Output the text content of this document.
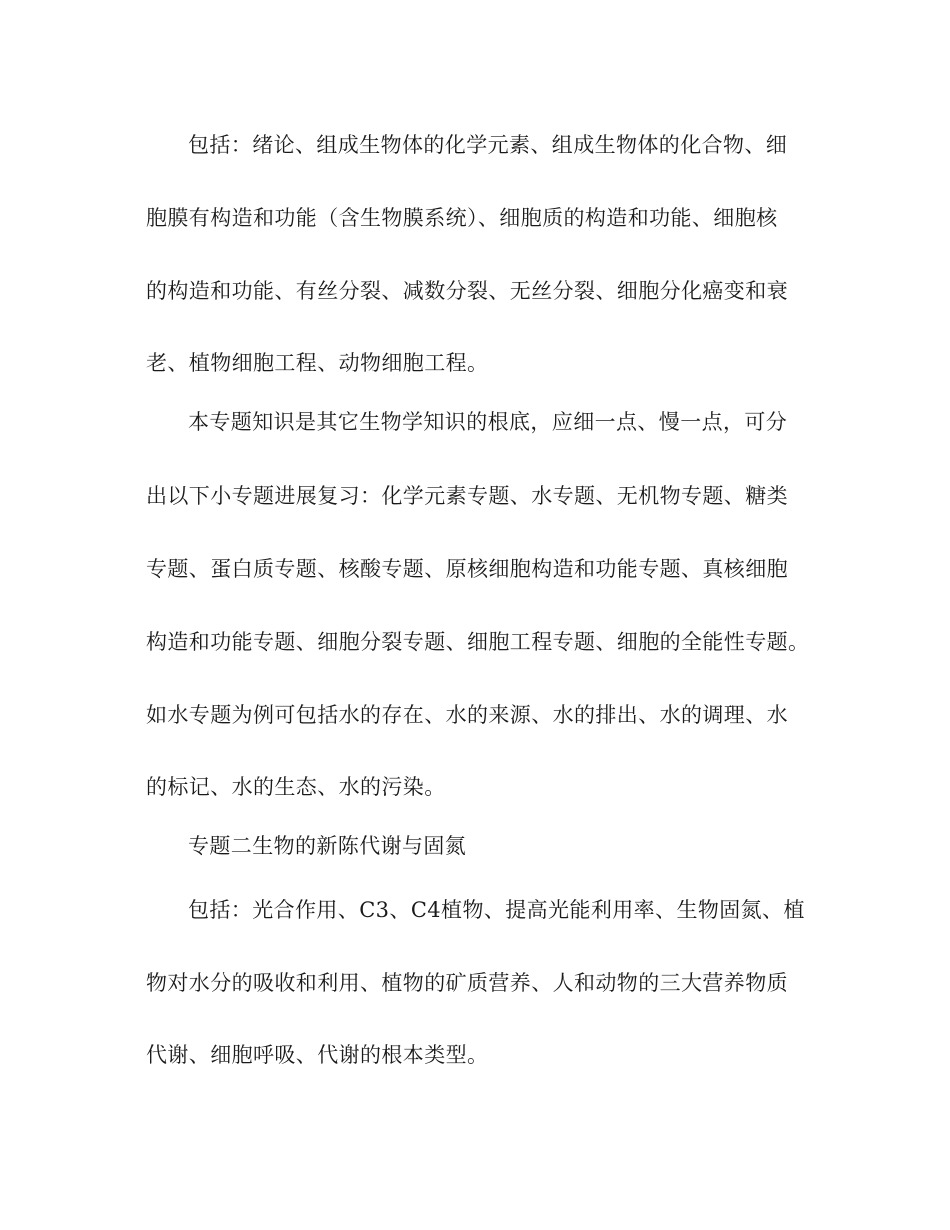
包括：绪论、组成生物体的化学元素、组成生物体的化合物、细

胞膜有构造和功能（含生物膜系统）、细胞质的构造和功能、细胞核

的构造和功能、有丝分裂、减数分裂、无丝分裂、细胞分化癌变和衰

老、植物细胞工程、动物细胞工程。

本专题知识是其它生物学知识的根底，应细一点、慢一点，可分

出以下小专题进展复习：化学元素专题、水专题、无机物专题、糖类

专题、蛋白质专题、核酸专题、原核细胞构造和功能专题、真核细胞

构造和功能专题、细胞分裂专题、细胞工程专题、细胞的全能性专题。

如水专题为例可包括水的存在、水的来源、水的排出、水的调理、水

的标记、水的生态、水的污染。

专题二生物的新陈代谢与固氮

包括：光合作用、C3、C4植物、提高光能利用率、生物固氮、植

物对水分的吸收和利用、植物的矿质营养、人和动物的三大营养物质

代谢、细胞呼吸、代谢的根本类型。
